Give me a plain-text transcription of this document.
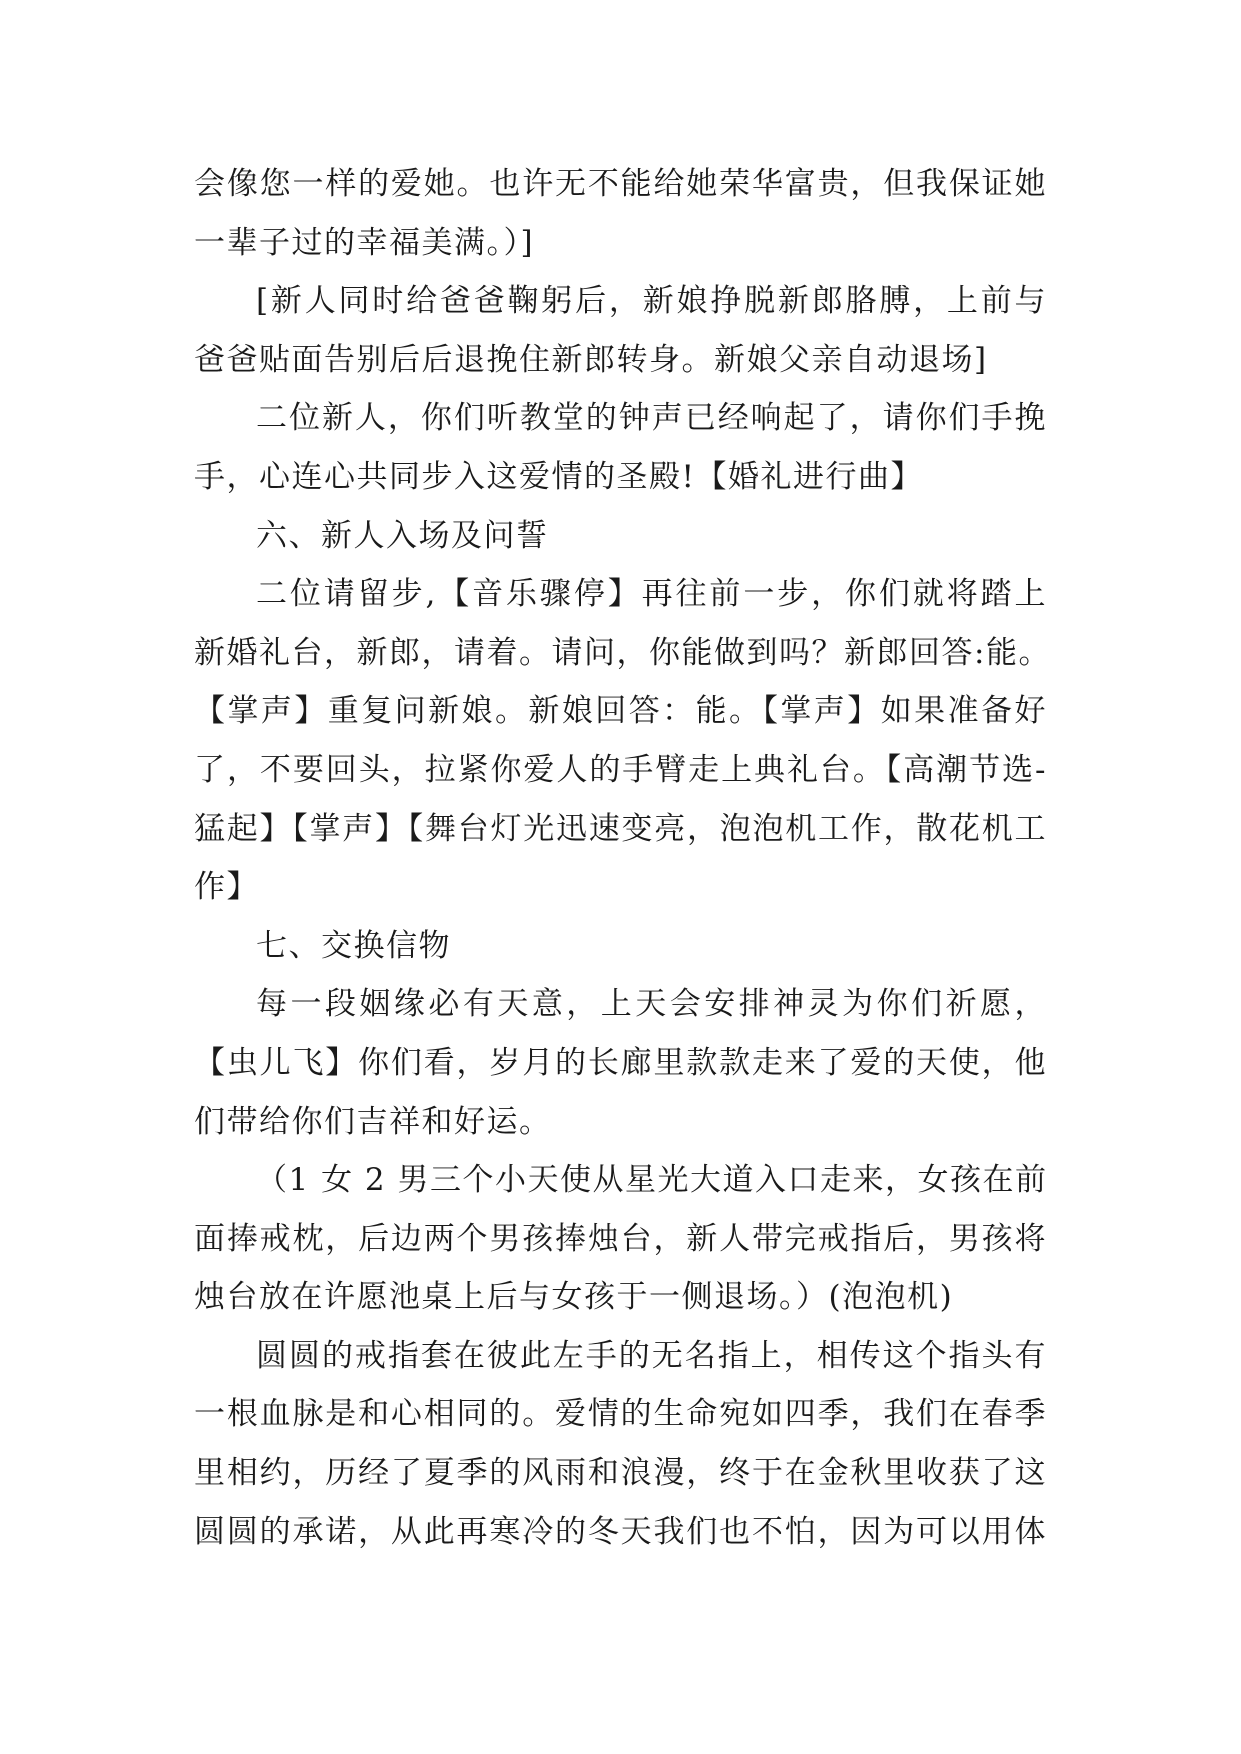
会像您一样的爱她。也许无不能给她荣华富贵，但我保证她
一辈子过的幸福美满。）]
[新人同时给爸爸鞠躬后，新娘挣脱新郎胳膊，上前与
爸爸贴面告别后后退挽住新郎转身。新娘父亲自动退场]
二位新人，你们听教堂的钟声已经响起了，请你们手挽
手，心连心共同步入这爱情的圣殿!【婚礼进行曲】
六、新人入场及问誓
二位请留步,【音乐骤停】再往前一步，你们就将踏上
新婚礼台，新郎，请着。请问，你能做到吗？新郎回答:能。
【掌声】重复问新娘。新娘回答：能。【掌声】如果准备好
了，不要回头，拉紧你爱人的手臂走上典礼台。【高潮节选-
猛起】【掌声】【舞台灯光迅速变亮，泡泡机工作，散花机工
作】
七、交换信物
每一段姻缘必有天意，上天会安排神灵为你们祈愿，
【虫儿飞】你们看，岁月的长廊里款款走来了爱的天使，他
们带给你们吉祥和好运。
（1 女 2 男三个小天使从星光大道入口走来，女孩在前
面捧戒枕，后边两个男孩捧烛台，新人带完戒指后，男孩将
烛台放在许愿池桌上后与女孩于一侧退场。）(泡泡机)
圆圆的戒指套在彼此左手的无名指上，相传这个指头有
一根血脉是和心相同的。爱情的生命宛如四季，我们在春季
里相约，历经了夏季的风雨和浪漫，终于在金秋里收获了这
圆圆的承诺，从此再寒冷的冬天我们也不怕，因为可以用体
